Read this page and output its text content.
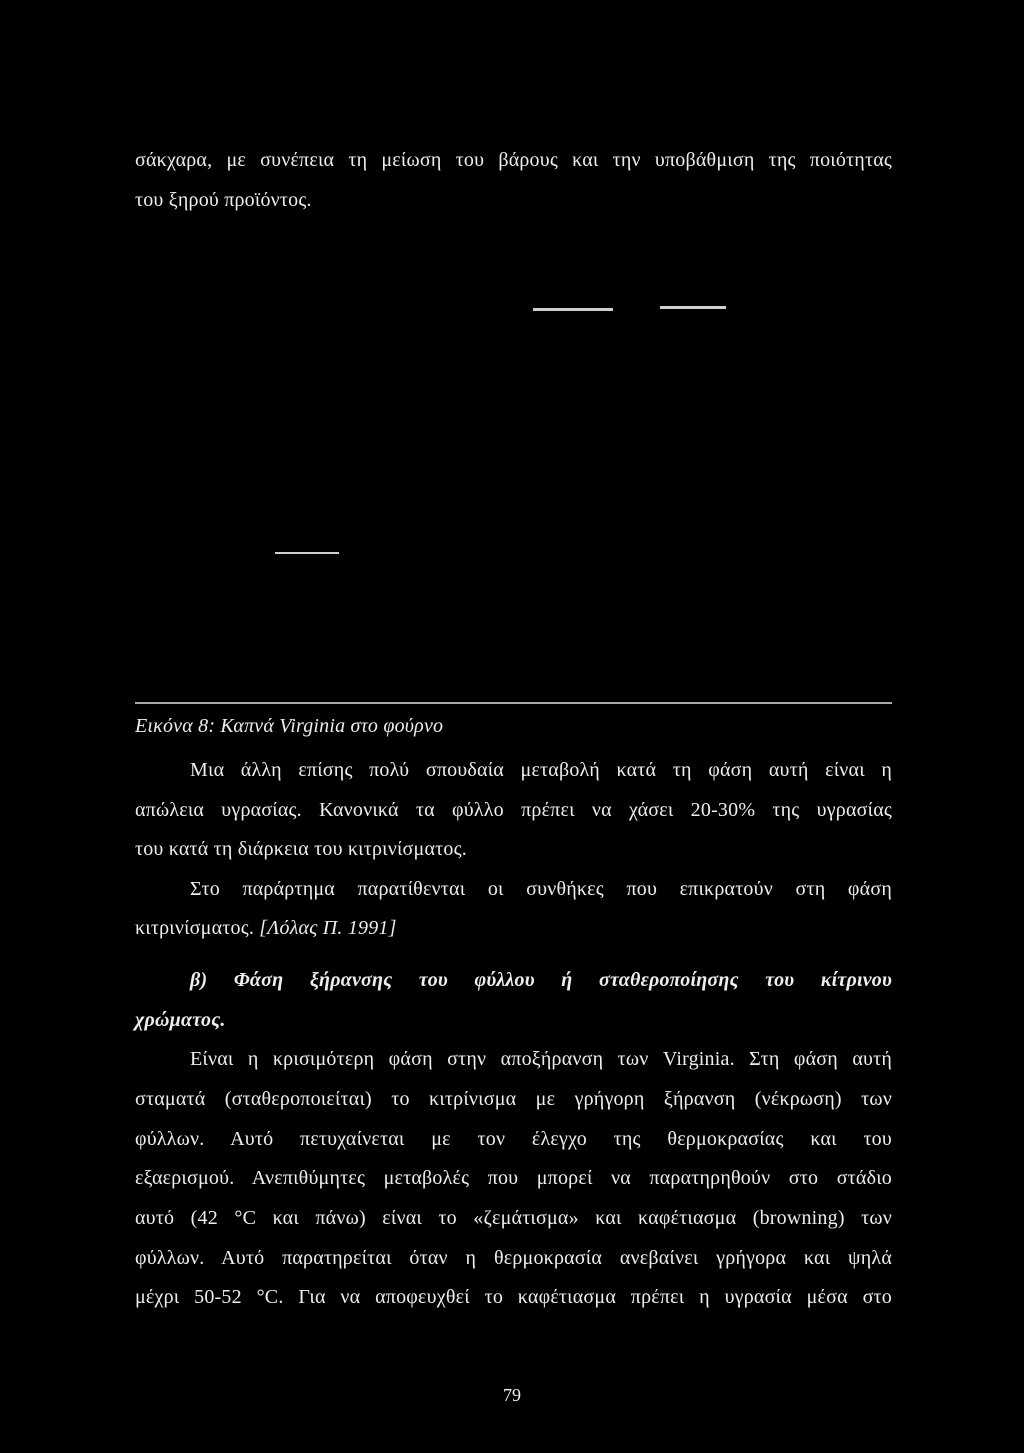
σάκχαρα, με συνέπεια τη μείωση του βάρους και την υποβάθμιση της ποιότητας
του ξηρού προϊόντος.
Εικόνα 8: Καπνά Virginia στο φούρνο
Μια άλλη επίσης πολύ σπουδαία μεταβολή κατά τη φάση αυτή είναι η
απώλεια υγρασίας. Κανονικά τα φύλλο πρέπει να χάσει 20-30% της υγρασίας
του κατά τη διάρκεια του κιτρινίσματος.
Στο παράρτημα παρατίθενται οι συνθήκες που επικρατούν στη φάση
κιτρινίσματος. [Λόλας Π. 1991]
β) Φάση ξήρανσης του φύλλου ή σταθεροποίησης του κίτρινου
χρώματος.
Είναι η κρισιμότερη φάση στην αποξήρανση των Virginia. Στη φάση αυτή
σταματά (σταθεροποιείται) το κιτρίνισμα με γρήγορη ξήρανση (νέκρωση) των
φύλλων. Αυτό πετυχαίνεται με τον έλεγχο της θερμοκρασίας και του
εξαερισμού. Ανεπιθύμητες μεταβολές που μπορεί να παρατηρηθούν στο στάδιο
αυτό (42 °C και πάνω) είναι το «ζεμάτισμα» και καφέτιασμα (browning) των
φύλλων. Αυτό παρατηρείται όταν η θερμοκρασία ανεβαίνει γρήγορα και ψηλά
μέχρι 50-52 °C. Για να αποφευχθεί το καφέτιασμα πρέπει η υγρασία μέσα στο
79
